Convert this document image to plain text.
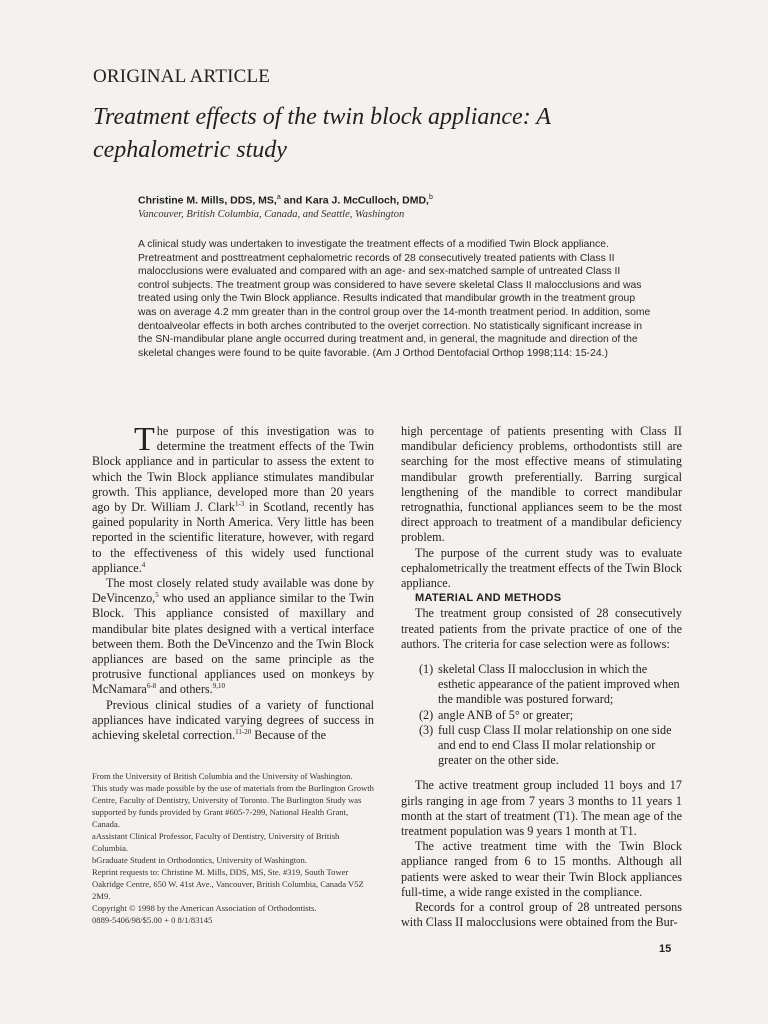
ORIGINAL ARTICLE
Treatment effects of the twin block appliance: A cephalometric study
Christine M. Mills, DDS, MS,$^a$ and Kara J. McCulloch, DMD,$^b$
Vancouver, British Columbia, Canada, and Seattle, Washington
A clinical study was undertaken to investigate the treatment effects of a modified Twin Block appliance. Pretreatment and posttreatment cephalometric records of 28 consecutively treated patients with Class II malocclusions were evaluated and compared with an age- and sex-matched sample of untreated Class II control subjects. The treatment group was considered to have severe skeletal Class II malocclusions and was treated using only the Twin Block appliance. Results indicated that mandibular growth in the treatment group was on average 4.2 mm greater than in the control group over the 14-month treatment period. In addition, some dentoalveolar effects in both arches contributed to the overjet correction. No statistically significant increase in the SN-mandibular plane angle occurred during treatment and, in general, the magnitude and direction of the skeletal changes were found to be quite favorable. (Am J Orthod Dentofacial Orthop 1998;114: 15-24.)

The purpose of this investigation was to determine the treatment effects of the Twin Block appliance and in particular to assess the extent to which the Twin Block appliance stimulates mandibular growth. This appliance, developed more than 20 years ago by Dr. William J. Clark$^{1-3}$ in Scotland, recently has gained popularity in North America. Very little has been reported in the scientific literature, however, with regard to the effectiveness of this widely used functional appliance.$^4$

The most closely related study available was done by DeVincenzo,$^5$ who used an appliance similar to the Twin Block. This appliance consisted of maxillary and mandibular bite plates designed with a vertical interface between them. Both the DeVincenzo and the Twin Block appliances are based on the same principle as the protrusive functional appliances used on monkeys by McNamara$^{6-8}$ and others.$^{9,10}$

Previous clinical studies of a variety of functional appliances have indicated varying degrees of success in achieving skeletal correction.$^{11-20}$ Because of the

From the University of British Columbia and the University of Washington.

This study was made possible by the use of materials from the Burlington Growth Centre, Faculty of Dentistry, University of Toronto. The Burlington Study was supported by funds provided by Grant #605-7-299, National Health Grant, Canada.

aAssistant Clinical Professor, Faculty of Dentistry, University of British Columbia.

bGraduate Student in Orthodontics, University of Washington.

Reprint requests to: Christine M. Mills, DDS, MS, Ste. #319, South Tower Oakridge Centre, 650 W. 41st Ave., Vancouver, British Columbia, Canada V5Z 2M9.

Copyright © 1998 by the American Association of Orthodontists.

0889-5406/98/$5.00 + 0 8/1/83145

high percentage of patients presenting with Class II mandibular deficiency problems, orthodontists still are searching for the most effective means of stimulating mandibular growth preferentially. Barring surgical lengthening of the mandible to correct mandibular retrognathia, functional appliances seem to be the most direct approach to treatment of a mandibular deficiency problem.

The purpose of the current study was to evaluate cephalometrically the treatment effects of the Twin Block appliance.

MATERIAL AND METHODS

The treatment group consisted of 28 consecutively treated patients from the private practice of one of the authors. The criteria for case selection were as follows:

(1) skeletal Class II malocclusion in which the esthetic appearance of the patient improved when the mandible was postured forward;
(2) angle ANB of 5° or greater;
(3) full cusp Class II molar relationship on one side and end to end Class II molar relationship or greater on the other side.

The active treatment group included 11 boys and 17 girls ranging in age from 7 years 3 months to 11 years 1 month at the start of treatment (T1). The mean age of the treatment population was 9 years 1 month at T1.

The active treatment time with the Twin Block appliance ranged from 6 to 15 months. Although all patients were asked to wear their Twin Block appliances full-time, a wide range existed in the compliance.

Records for a control group of 28 untreated persons with Class II malocclusions were obtained from the Bur-

15
